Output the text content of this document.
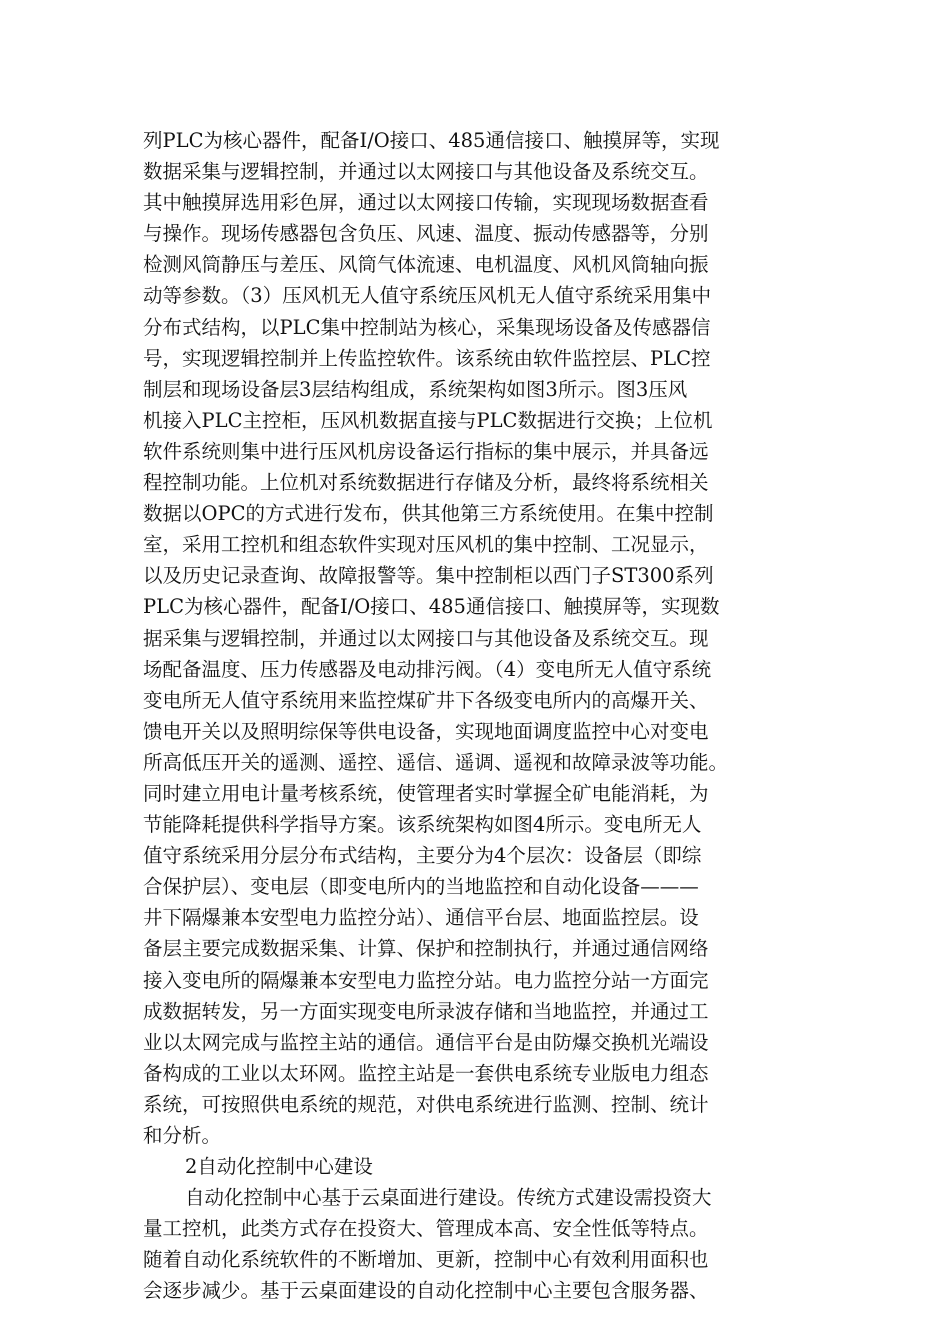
列PLC为核心器件，配备I/O接口、485通信接口、触摸屏等，实现
数据采集与逻辑控制，并通过以太网接口与其他设备及系统交互。
其中触摸屏选用彩色屏，通过以太网接口传输，实现现场数据查看
与操作。现场传感器包含负压、风速、温度、振动传感器等，分别
检测风筒静压与差压、风筒气体流速、电机温度、风机风筒轴向振
动等参数。（3）压风机无人值守系统压风机无人值守系统采用集中
分布式结构，以PLC集中控制站为核心，采集现场设备及传感器信
号，实现逻辑控制并上传监控软件。该系统由软件监控层、PLC控
制层和现场设备层3层结构组成，系统架构如图3所示。图3压风
机接入PLC主控柜，压风机数据直接与PLC数据进行交换；上位机
软件系统则集中进行压风机房设备运行指标的集中展示，并具备远
程控制功能。上位机对系统数据进行存储及分析，最终将系统相关
数据以OPC的方式进行发布，供其他第三方系统使用。在集中控制
室，采用工控机和组态软件实现对压风机的集中控制、工况显示，
以及历史记录查询、故障报警等。集中控制柜以西门子ST300系列
PLC为核心器件，配备I/O接口、485通信接口、触摸屏等，实现数
据采集与逻辑控制，并通过以太网接口与其他设备及系统交互。现
场配备温度、压力传感器及电动排污阀。（4）变电所无人值守系统
变电所无人值守系统用来监控煤矿井下各级变电所内的高爆开关、
馈电开关以及照明综保等供电设备，实现地面调度监控中心对变电
所高低压开关的遥测、遥控、遥信、遥调、遥视和故障录波等功能。
同时建立用电计量考核系统，使管理者实时掌握全矿电能消耗，为
节能降耗提供科学指导方案。该系统架构如图4所示。变电所无人
值守系统采用分层分布式结构，主要分为4个层次：设备层（即综
合保护层）、变电层（即变电所内的当地监控和自动化设备———
井下隔爆兼本安型电力监控分站）、通信平台层、地面监控层。设
备层主要完成数据采集、计算、保护和控制执行，并通过通信网络
接入变电所的隔爆兼本安型电力监控分站。电力监控分站一方面完
成数据转发，另一方面实现变电所录波存储和当地监控，并通过工
业以太网完成与监控主站的通信。通信平台是由防爆交换机光端设
备构成的工业以太环网。监控主站是一套供电系统专业版电力组态
系统，可按照供电系统的规范，对供电系统进行监测、控制、统计
和分析。
2自动化控制中心建设
自动化控制中心基于云桌面进行建设。传统方式建设需投资大
量工控机，此类方式存在投资大、管理成本高、安全性低等特点。
随着自动化系统软件的不断增加、更新，控制中心有效利用面积也
会逐步减少。基于云桌面建设的自动化控制中心主要包含服务器、
